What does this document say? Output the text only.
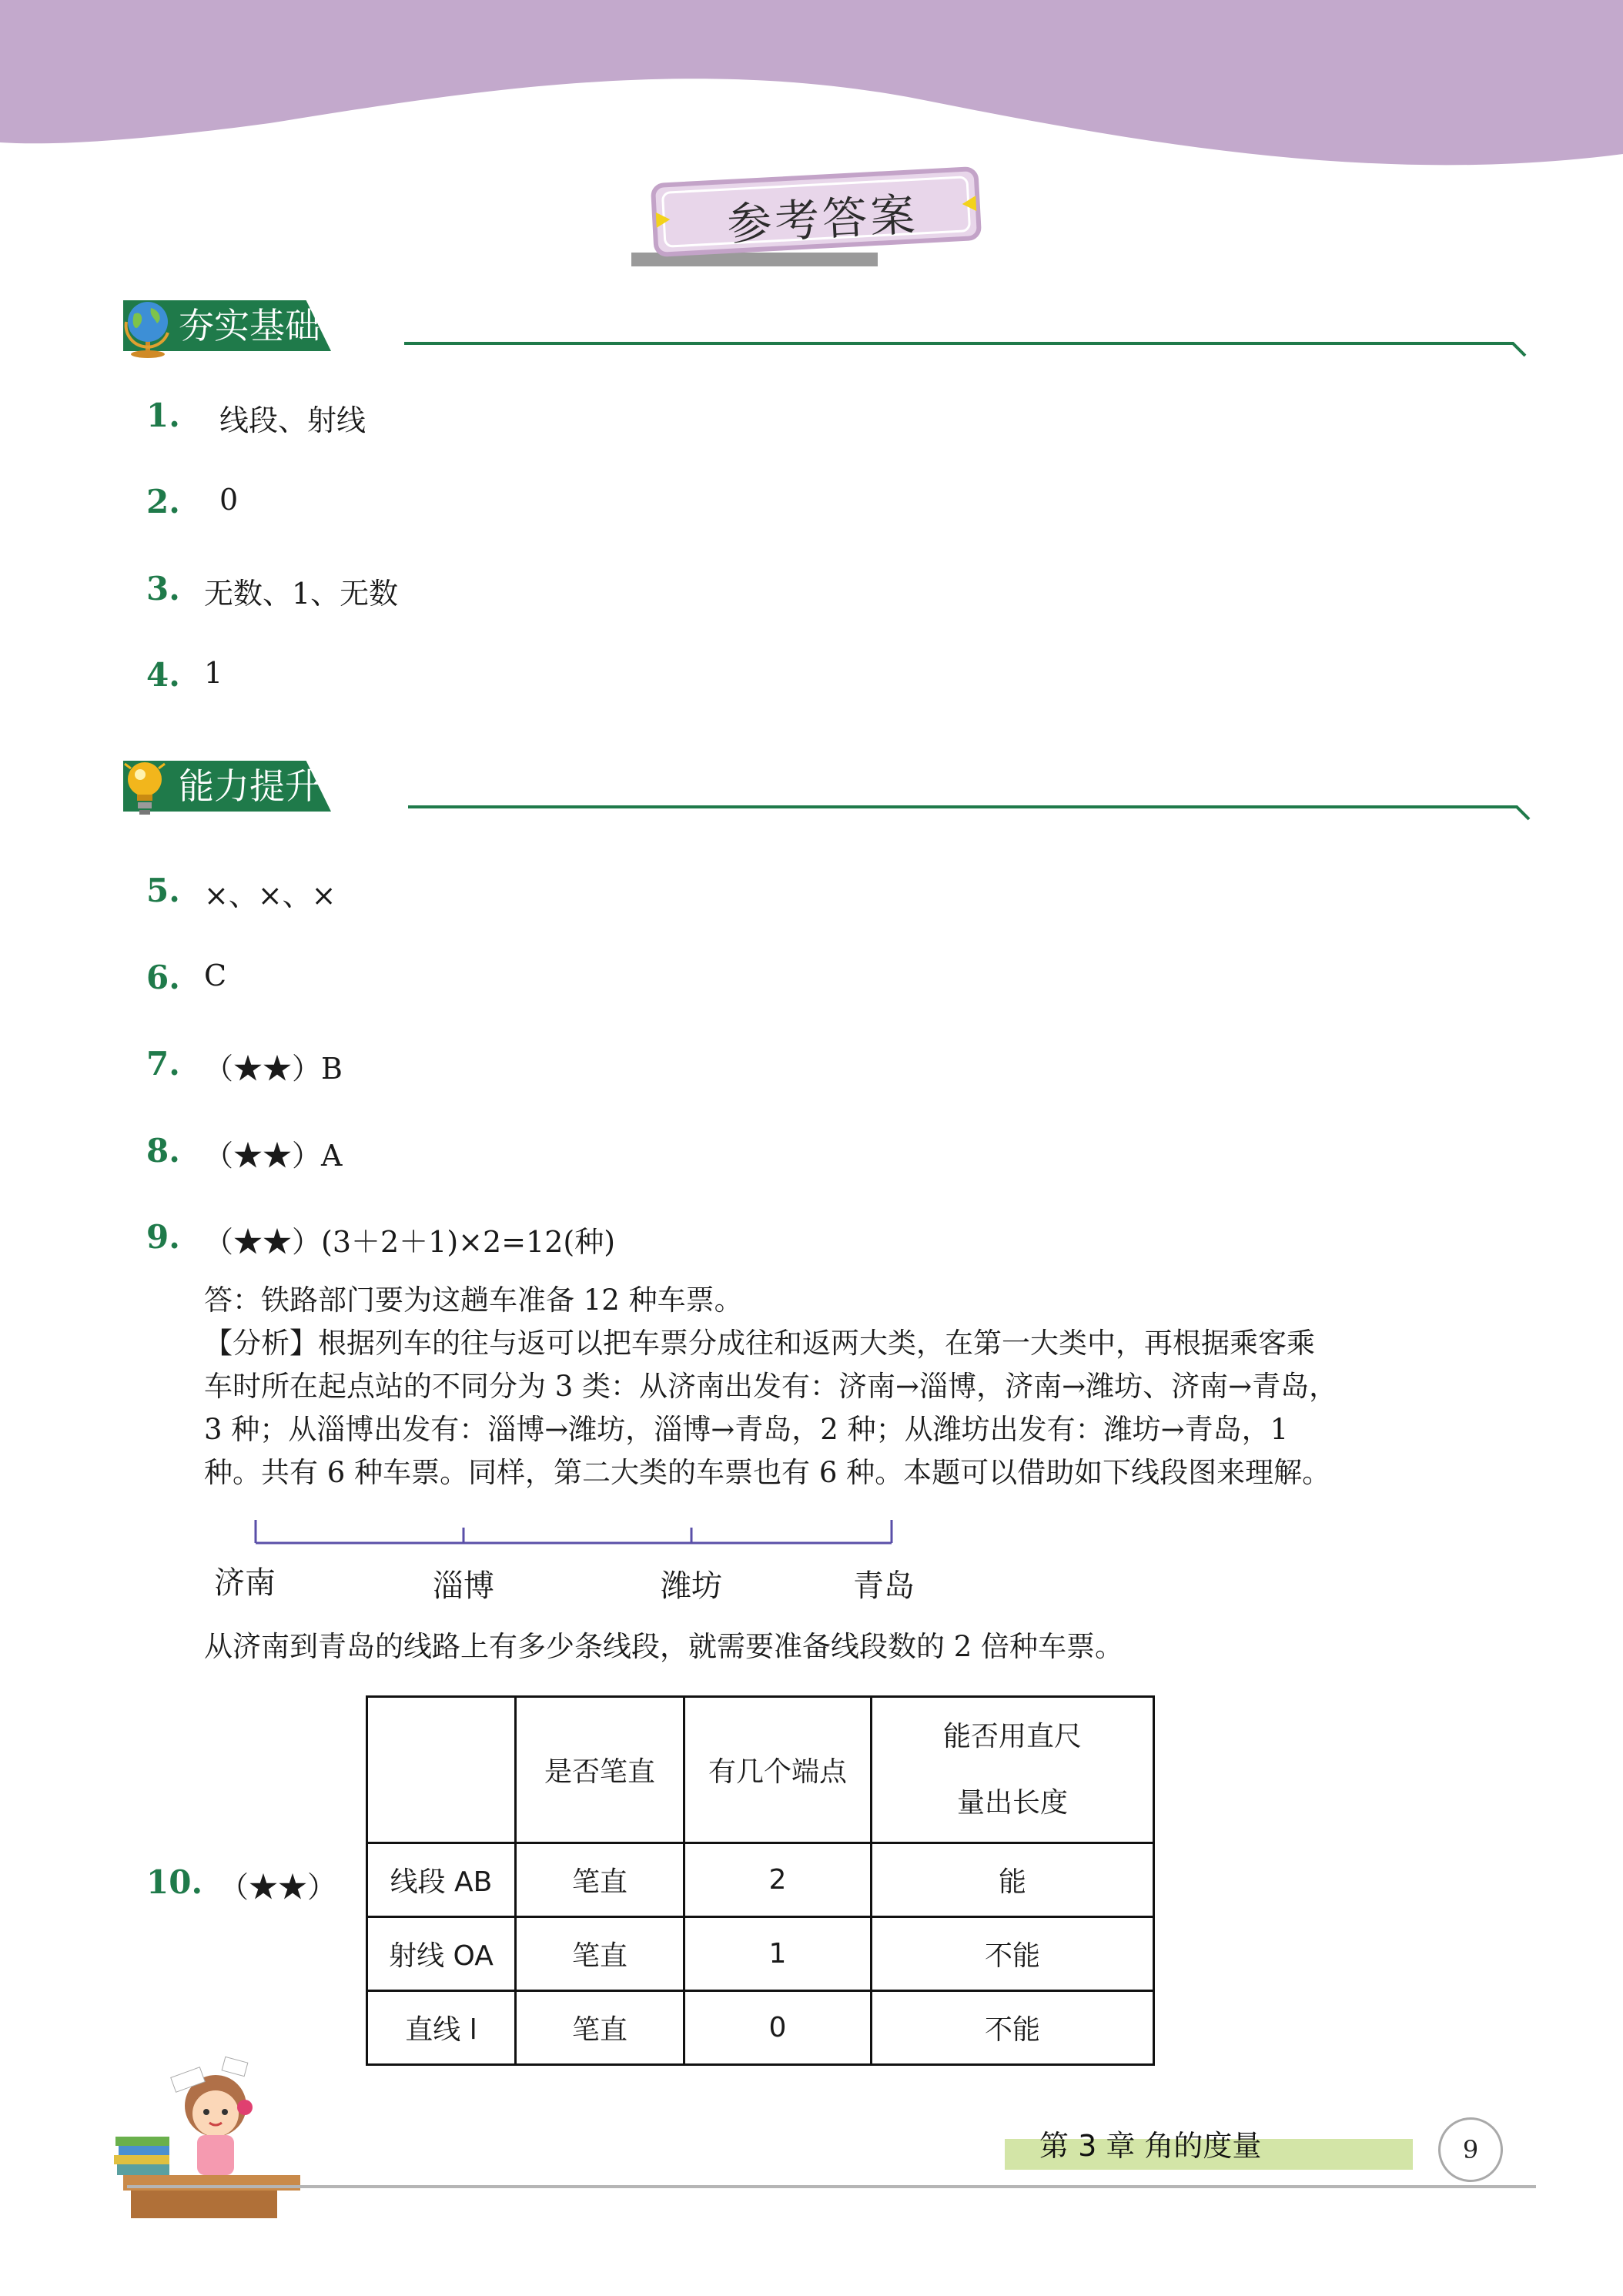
参考答案
夯实基础
1. 线段、射线
2. 0
3. 无数、1、无数
4. 1
能力提升
5. ×、×、×
6. C
7. （★★）B
8. （★★）A
9. （★★）(3＋2＋1)×2=12(种)
答：铁路部门要为这趟车准备 12 种车票。
【分析】根据列车的往与返可以把车票分成往和返两大类，在第一大类中，再根据乘客乘
车时所在起点站的不同分为 3 类：从济南出发有：济南→淄博，济南→潍坊、济南→青岛，
3 种；从淄博出发有：淄博→潍坊，淄博→青岛，2 种；从潍坊出发有：潍坊→青岛，1
种。共有 6 种车票。同样，第二大类的车票也有 6 种。本题可以借助如下线段图来理解。
济南	淄博	潍坊	青岛
从济南到青岛的线路上有多少条线段，就需要准备线段数的 2 倍种车票。
10. （★★）
	是否笔直	有几个端点	能否用直尺
量出长度

线段 AB	笔直	2	能
射线 OA	笔直	1	不能
直线 l	笔直	0	不能
第 3 章 角的度量	9
